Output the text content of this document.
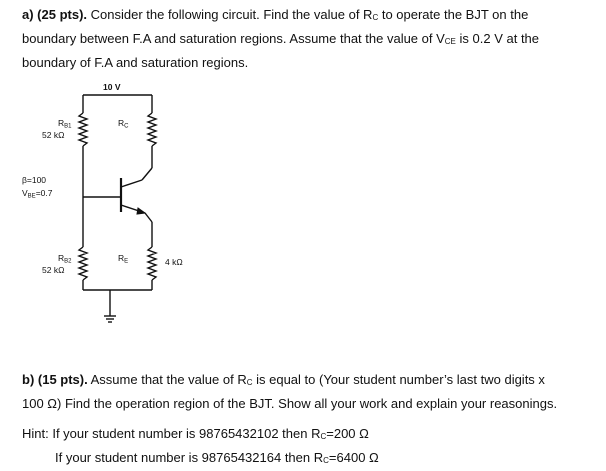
a) (25 pts). Consider the following circuit. Find the value of RC to operate the BJT on the
boundary between F.A and saturation regions. Assume that the value of VCE is 0.2 V at the
boundary of F.A and saturation regions.
10 V
RB1
52 kΩ
RC
β=100
VBE=0.7
RB2
52 kΩ
RE	4 kΩ
b) (15 pts). Assume that the value of RC is equal to (Your student number’s last two digits x
100 Ω) Find the operation region of the BJT. Show all your work and explain your reasonings.
Hint: If your student number is 98765432102 then RC=200 Ω
If your student number is 98765432164 then RC=6400 Ω
